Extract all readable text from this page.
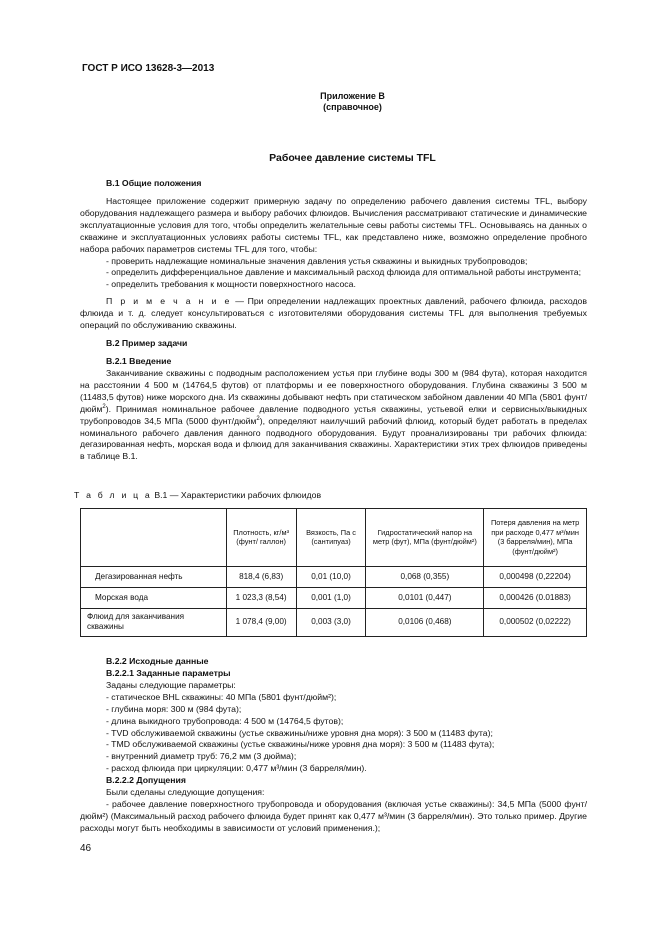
ГОСТ Р ИСО 13628-3—2013
Приложение В
(справочное)
Рабочее давление системы TFL
В.1 Общие положения

Настоящее приложение содержит примерную задачу по определению рабочего давления системы TFL, выбору оборудования надлежащего размера и выбору рабочих флюидов. Вычисления рассматривают статические и динамические эксплуатационные условия для того, чтобы определить желательные севы работы системы TFL. Основываясь на данных о скважине и эксплуатационных условиях работы системы TFL, как представлено ниже, возможно определение пробного набора рабочих параметров системы TFL для того, чтобы:

- проверить надлежащие номинальные значения давления устья скважины и выкидных трубопроводов;
- определить дифференциальное давление и максимальный расход флюида для оптимальной работы инструмента;
- определить требования к мощности поверхностного насоса.
П р и м е ч а н и е — При определении надлежащих проектных давлений, рабочего флюида, расходов флюида и т. д. следует консультироваться с изготовителями оборудования системы TFL для выполнения требуемых операций по обслуживанию скважины.
В.2 Пример задачи
В.2.1 Введение

Заканчивание скважины с подводным расположением устья при глубине воды 300 м (984 фута), которая находится на расстоянии 4 500 м (14764,5 футов) от платформы и ее поверхностного оборудования. Глубина скважины 3 500 м (11483,5 футов) ниже морского дна. Из скважины добывают нефть при статическом забойном давлении 40 МПа (5801 фунт/дюйм$^2$). Принимая номинальное рабочее давление подводного устья скважины, устьевой елки и сервисных/выкидных трубопроводов 34,5 МПа (5000 фунт/дюйм$^2$), определяют наилучший рабочий флюид, который будет работать в пределах номинального рабочего давления данного подводного оборудования. Будут проанализированы три рабочих флюида: дегазированная нефть, морская вода и флюид для заканчивания скважины. Характеристики этих трех флюидов приведены в таблице В.1.

Т а б л и ц а В.1 — Характеристики рабочих флюидов
	Плотность, кг/м³ (фунт/ галлон)	Вязкость, Па с (сантипуаз)	Гидростатический напор на метр (фут), МПа (фунт/дюйм²)	Потеря давления на метр при расходе 0,477 м³/мин (3 барреля/мин), МПа (фунт/дюйм²)
Дегазированная нефть	818,4 (6,83)	0,01 (10,0)	0,068 (0,355)	0,000498 (0,22204)
Морская вода	1 023,3 (8,54)	0,001 (1,0)	0,0101 (0,447)	0,000426 (0.01883)
Флюид для заканчивания скважины	1 078,4 (9,00)	0,003 (3,0)	0,0106 (0,468)	0,000502 (0,02222)
В.2.2 Исходные данные
В.2.2.1 Заданные параметры
Заданы следующие параметры:
- статическое BHL скважины: 40 МПа (5801 фунт/дюйм²);
- глубина моря: 300 м (984 фута);
- длина выкидного трубопровода: 4 500 м (14764,5 футов);
- TVD обслуживаемой скважины (устье скважины/ниже уровня дна моря): 3 500 м (11483 фута);
- TMD обслуживаемой скважины (устье скважины/ниже уровня дна моря): 3 500 м (11483 фута);
- внутренний диаметр труб: 76,2 мм (3 дюйма);
- расход флюида при циркуляции: 0,477 м³/мин (3 барреля/мин).
В.2.2.2 Допущения
Были сделаны следующие допущения:

- рабочее давление поверхностного трубопровода и оборудования (включая устье скважины): 34,5 МПа (5000 фунт/дюйм²) (Максимальный расход рабочего флюида будет принят как 0,477 м³/мин (3 барреля/мин). Это только пример. Другие расходы могут быть необходимы в зависимости от условий применения.);

46
